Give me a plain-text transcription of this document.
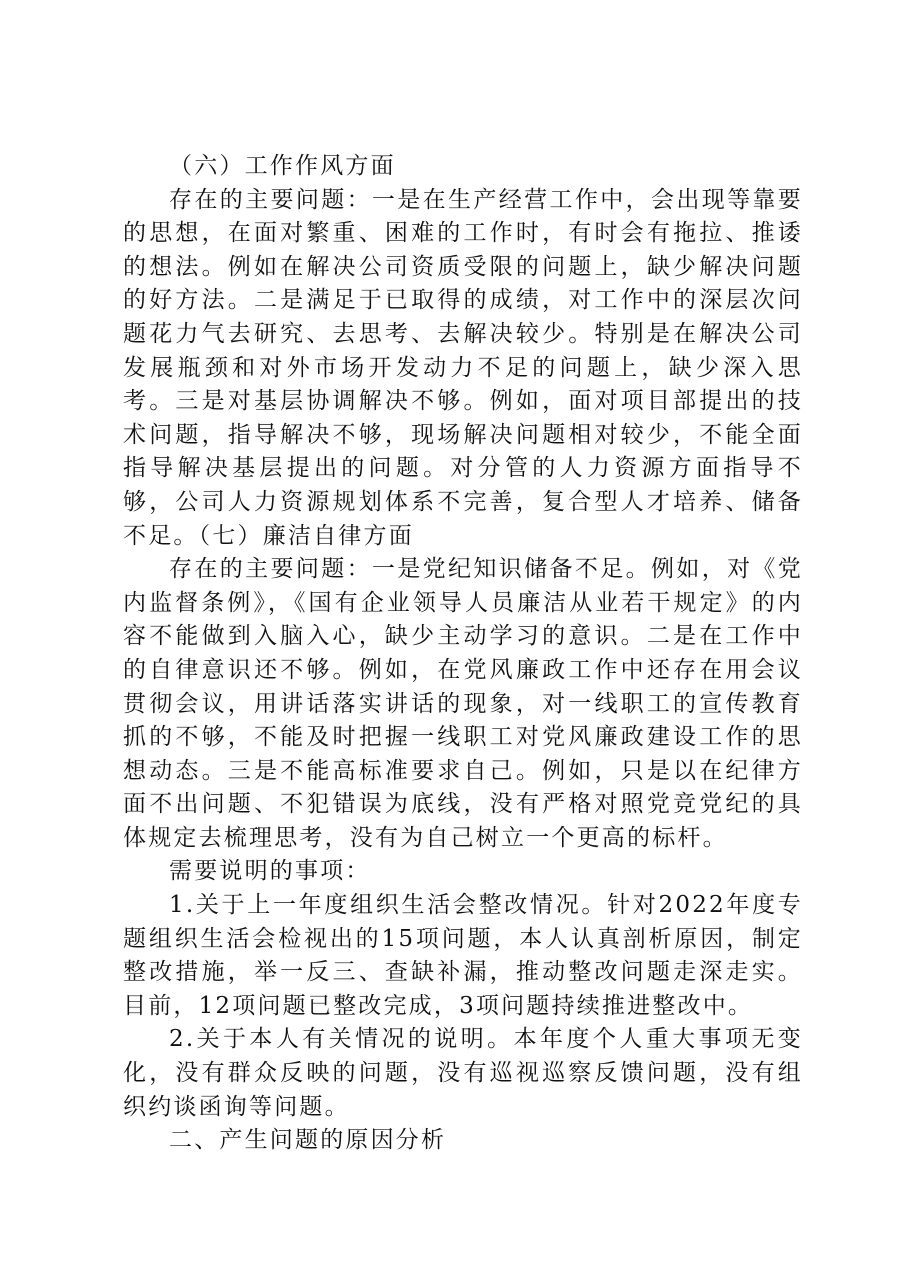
（六）工作作风方面

存在的主要问题：一是在生产经营工作中，会出现等靠要的思想，在面对繁重、困难的工作时，有时会有拖拉、推诿的想法。例如在解决公司资质受限的问题上，缺少解决问题的好方法。二是满足于已取得的成绩，对工作中的深层次问题花力气去研究、去思考、去解决较少。特别是在解决公司发展瓶颈和对外市场开发动力不足的问题上，缺少深入思考。三是对基层协调解决不够。例如，面对项目部提出的技术问题，指导解决不够，现场解决问题相对较少，不能全面指导解决基层提出的问题。对分管的人力资源方面指导不够，公司人力资源规划体系不完善，复合型人才培养、储备不足。（七）廉洁自律方面

存在的主要问题：一是党纪知识储备不足。例如，对《党内监督条例》，《国有企业领导人员廉洁从业若干规定》的内容不能做到入脑入心，缺少主动学习的意识。二是在工作中的自律意识还不够。例如，在党风廉政工作中还存在用会议贯彻会议，用讲话落实讲话的现象，对一线职工的宣传教育抓的不够，不能及时把握一线职工对党风廉政建设工作的思想动态。三是不能高标准要求自己。例如，只是以在纪律方面不出问题、不犯错误为底线，没有严格对照党竞党纪的具体规定去梳理思考，没有为自己树立一个更高的标杆。

需要说明的事项：

1.关于上一年度组织生活会整改情况。针对2022年度专题组织生活会检视出的15项问题，本人认真剖析原因，制定整改措施，举一反三、查缺补漏，推动整改问题走深走实。目前，12项问题已整改完成，3项问题持续推进整改中。

2.关于本人有关情况的说明。本年度个人重大事项无变化，没有群众反映的问题，没有巡视巡察反馈问题，没有组织约谈函询等问题。

二、产生问题的原因分析
